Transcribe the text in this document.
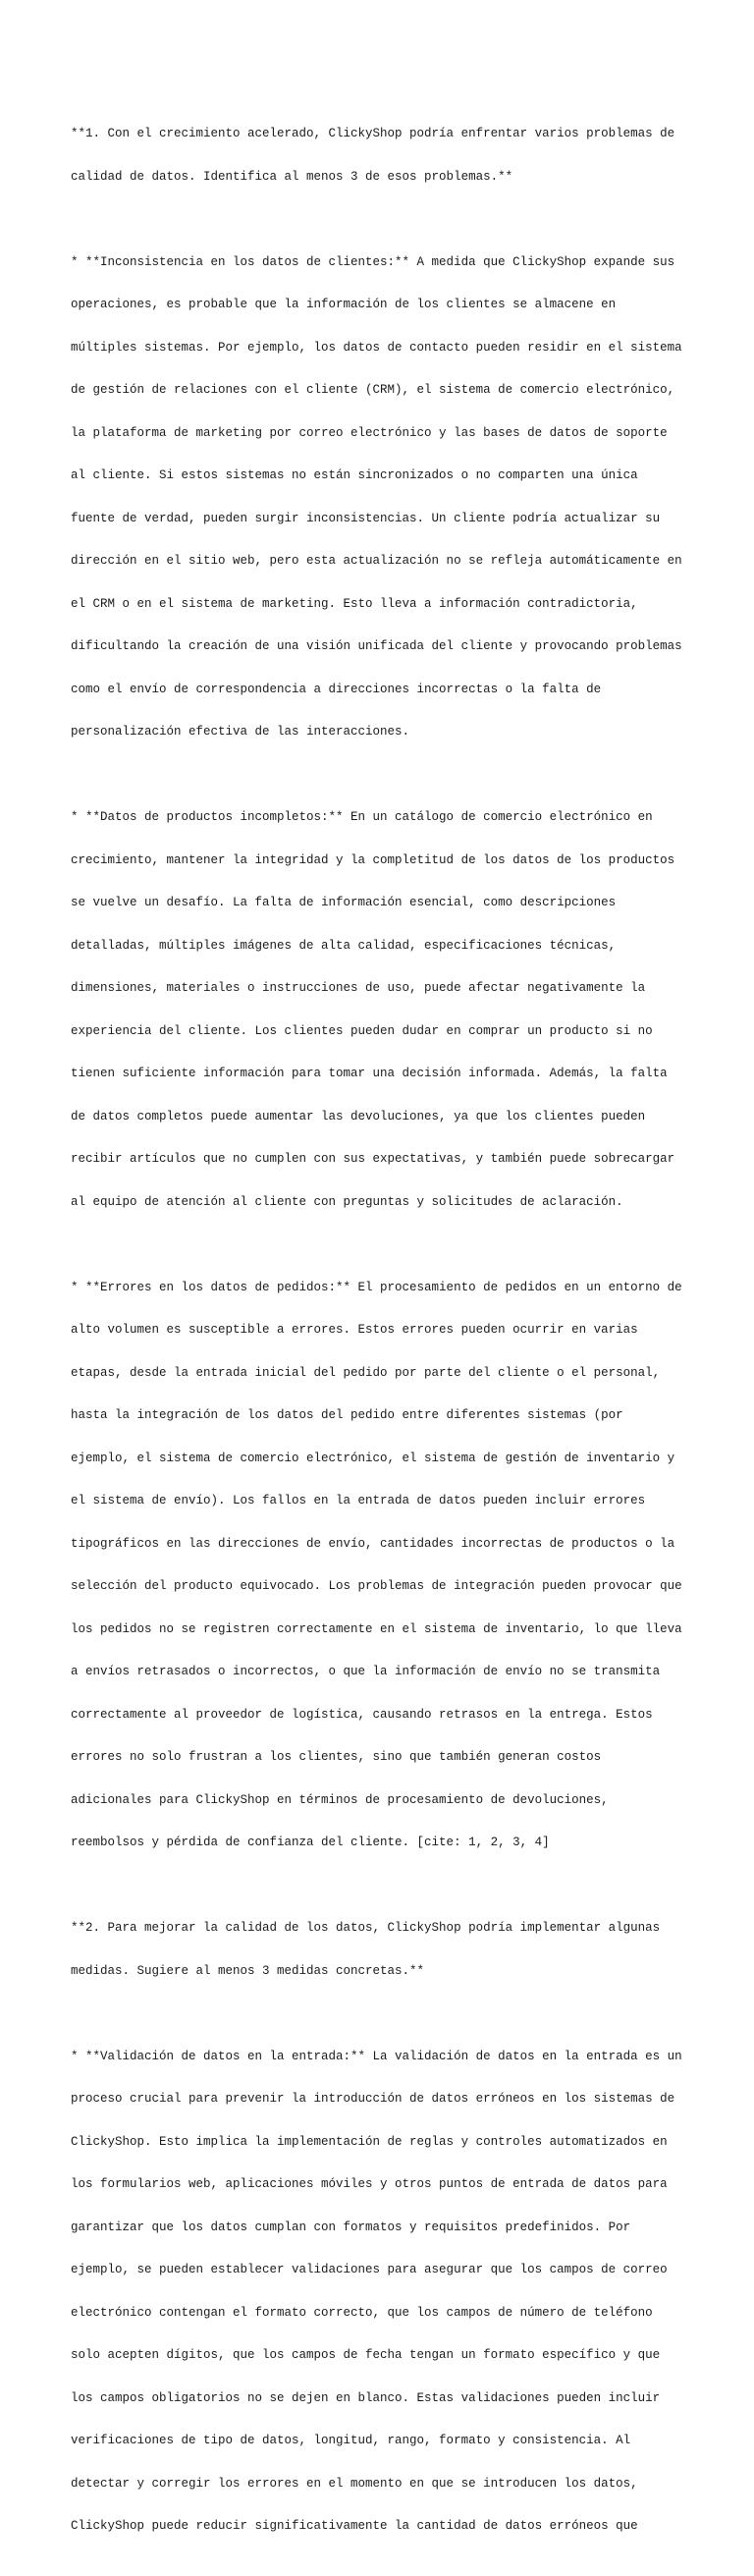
**1. Con el crecimiento acelerado, ClickyShop podría enfrentar varios problemas de

calidad de datos. Identifica al menos 3 de esos problemas.**

* **Inconsistencia en los datos de clientes:** A medida que ClickyShop expande sus

operaciones, es probable que la información de los clientes se almacene en

múltiples sistemas. Por ejemplo, los datos de contacto pueden residir en el sistema

de gestión de relaciones con el cliente (CRM), el sistema de comercio electrónico,

la plataforma de marketing por correo electrónico y las bases de datos de soporte

al cliente. Si estos sistemas no están sincronizados o no comparten una única

fuente de verdad, pueden surgir inconsistencias. Un cliente podría actualizar su

dirección en el sitio web, pero esta actualización no se refleja automáticamente en

el CRM o en el sistema de marketing. Esto lleva a información contradictoria,

dificultando la creación de una visión unificada del cliente y provocando problemas

como el envío de correspondencia a direcciones incorrectas o la falta de

personalización efectiva de las interacciones.

* **Datos de productos incompletos:** En un catálogo de comercio electrónico en

crecimiento, mantener la integridad y la completitud de los datos de los productos

se vuelve un desafío. La falta de información esencial, como descripciones

detalladas, múltiples imágenes de alta calidad, especificaciones técnicas,

dimensiones, materiales o instrucciones de uso, puede afectar negativamente la

experiencia del cliente. Los clientes pueden dudar en comprar un producto si no

tienen suficiente información para tomar una decisión informada. Además, la falta

de datos completos puede aumentar las devoluciones, ya que los clientes pueden

recibir artículos que no cumplen con sus expectativas, y también puede sobrecargar

al equipo de atención al cliente con preguntas y solicitudes de aclaración.

* **Errores en los datos de pedidos:** El procesamiento de pedidos en un entorno de

alto volumen es susceptible a errores. Estos errores pueden ocurrir en varias

etapas, desde la entrada inicial del pedido por parte del cliente o el personal,

hasta la integración de los datos del pedido entre diferentes sistemas (por

ejemplo, el sistema de comercio electrónico, el sistema de gestión de inventario y

el sistema de envío). Los fallos en la entrada de datos pueden incluir errores

tipográficos en las direcciones de envío, cantidades incorrectas de productos o la

selección del producto equivocado. Los problemas de integración pueden provocar que

los pedidos no se registren correctamente en el sistema de inventario, lo que lleva

a envíos retrasados o incorrectos, o que la información de envío no se transmita

correctamente al proveedor de logística, causando retrasos en la entrega. Estos

errores no solo frustran a los clientes, sino que también generan costos

adicionales para ClickyShop en términos de procesamiento de devoluciones,

reembolsos y pérdida de confianza del cliente. [cite: 1, 2, 3, 4]

**2. Para mejorar la calidad de los datos, ClickyShop podría implementar algunas

medidas. Sugiere al menos 3 medidas concretas.**

* **Validación de datos en la entrada:** La validación de datos en la entrada es un

proceso crucial para prevenir la introducción de datos erróneos en los sistemas de

ClickyShop. Esto implica la implementación de reglas y controles automatizados en

los formularios web, aplicaciones móviles y otros puntos de entrada de datos para

garantizar que los datos cumplan con formatos y requisitos predefinidos. Por

ejemplo, se pueden establecer validaciones para asegurar que los campos de correo

electrónico contengan el formato correcto, que los campos de número de teléfono

solo acepten dígitos, que los campos de fecha tengan un formato específico y que

los campos obligatorios no se dejen en blanco. Estas validaciones pueden incluir

verificaciones de tipo de datos, longitud, rango, formato y consistencia. Al

detectar y corregir los errores en el momento en que se introducen los datos,

ClickyShop puede reducir significativamente la cantidad de datos erróneos que
